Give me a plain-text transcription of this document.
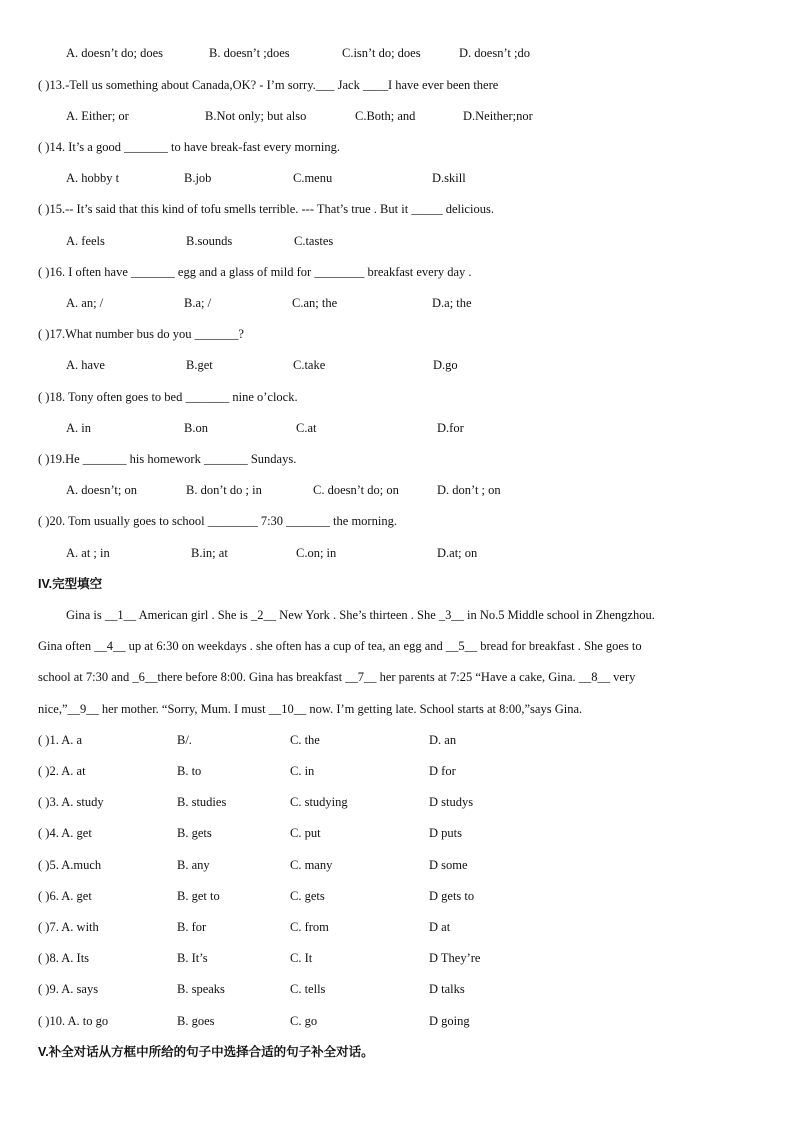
A. doesn’t do; does	B. doesn’t ;does	C.isn’t do; does	D. doesn’t ;do
( )13.-Tell us something about Canada,OK? - I’m sorry.___ Jack ____I have ever been there
A. Either; or	B.Not only; but also	C.Both; and	D.Neither;nor
( )14. It’s a good _______ to have break-fast every morning.
A. hobby t	B.job	C.menu	D.skill
( )15.-- It’s said that this kind of tofu smells terrible. --- That’s true . But it _____ delicious.
A. feels	B.sounds	C.tastes
( )16. I often have _______ egg and a glass of mild for ________ breakfast every day .
A. an; /	B.a; /	C.an; the	D.a; the
( )17.What number bus do you _______?
A. have	B.get	C.take	D.go
( )18. Tony often goes to bed _______ nine o’clock.
A. in	B.on	C.at	D.for
( )19.He _______ his homework _______ Sundays.
A. doesn’t; on	B. don’t do ; in	C. doesn’t do; on	D. don’t ; on
( )20. Tom usually goes to school ________ 7:30 _______ the morning.
A. at ; in	B.in; at	C.on; in	D.at; on
IV.完型填空
Gina is __1__ American girl . She is _2__ New York . She’s thirteen . She _3__ in No.5 Middle school in Zhengzhou.
Gina often __4__ up at 6:30 on weekdays . she often has a cup of tea, an egg and __5__ bread for breakfast . She goes to
school at 7:30 and _6__there before 8:00. Gina has breakfast __7__ her parents at 7:25 “Have a cake, Gina. __8__ very
nice,”__9__ her mother. “Sorry, Mum. I must __10__ now. I’m getting late. School starts at 8:00,”says Gina.
( )1. A. a	B/.	C. the	D. an
( )2. A. at	B. to	C. in	D for
( )3. A. study	B. studies	C. studying	D studys
( )4. A. get	B. gets	C. put	D puts
( )5. A.much	B. any	C. many	D some
( )6. A. get	B. get to	C. gets	D gets to
( )7. A. with	B. for	C. from	D at
( )8. A. Its	B. It’s	C. It	D They’re
( )9. A. says	B. speaks	C. tells	D talks
( )10. A. to go	B. goes	C. go	D going
V.补全对话从方框中所给的句子中选择合适的句子补全对话。
